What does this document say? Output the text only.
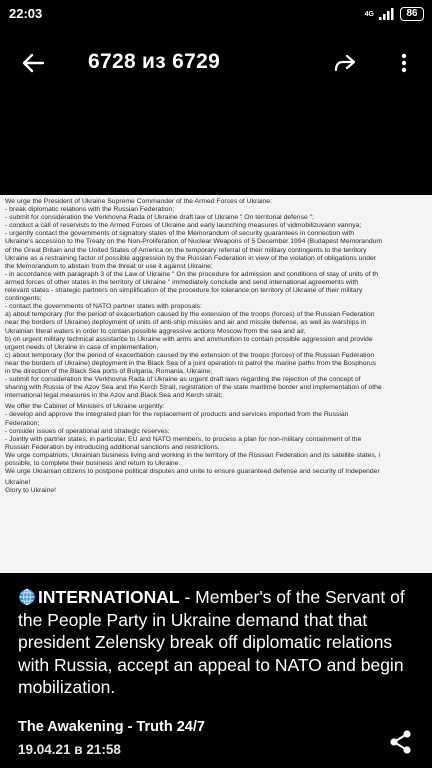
22:03	4G	86
6728 из 6729

We urge the President of Ukraine Supreme Commander of the Armed Forces of Ukraine:

- break diplomatic relations with the Russian Federation;

- submit for consideration the Verkhovna Rada of Ukraine draft law of Ukraine " On territorial defense ";

- conduct a call of reservists to the Armed Forces of Ukraine and early launching measures of vidmobilizuvann vannya;

- urgently contact the governments of signatory states of the Memorandum of security guarantees in connection with

Ukraine's accession to the Treaty on the Non-Proliferation of Nuclear Weapons of 5 December 1994 (Budapest Memorandum

of the Great Britain and the United States of America on the temporary referral of their military contingents to the territory

Ukraine as a restraining factor of possible aggression by the Russian Federation in view of the violation of obligations under

the Memorandum to abstain from the threat or use it against Ukraine;

- in accordance with paragraph 3 of the Law of Ukraine " On the procedure for admission and conditions of stay of units of th

armed forces of other states in the territory of Ukraine " immediately conclude and send international agreements with

relevant states - strategic partners on simplification of the procedure for tolerance on territory of Ukraine of their military

contingents;

- contact the governments of NATO partner states with proposals:

a) about temporary (for the period of exacerbation caused by the extension of the troops (forces) of the Russian Federation

near the borders of Ukraine) deployment of units of anti-ship missiles and air and missile defense, as well as warships in

Ukrainian literal waters in order to contain possible aggressive actions Moscow from the sea and air,

b) on urgent military technical assistance to Ukraine with arms and ammunition to contain possible aggression and provide

urgent needs of Ukraine in case of implementation,

c) about temporary (for the period of exacerbation caused by the extension of the troops (forces) of the Russian Federation

near the borders of Ukraine) deployment in the Black Sea of a joint operation to patrol the marine paths from the Bosphorus

in the direction of the Black Sea ports of Bulgaria, Romania, Ukraine;

- submit for consideration the Verkhovna Rada of Ukraine as urgent draft laws regarding the rejection of the concept of

sharing with Russia of the Azov Sea and the Kerch Strait, registration of the state maritime border and implementation of othe

international legal measures in the Azov and Black Sea and Kerch strait;

We offer the Cabinet of Ministers of Ukraine urgently:

- develop and approve the integrated plan for the replacement of products and services imported from the Russian

Federation;

- consider issues of operational and strategic reserves;

- Jointly with partner states, in particular, EU and NATO members, to process a plan for non-military containment of the

Russian Federation by introducing additional sanctions and restrictions.

We urge compatriots, Ukrainian business living and working in the territory of the Russian Federation and its satellite states, i

possible, to complete their business and return to Ukraine.

We urge Ukrainian citizens to postpone political disputes and unite to ensure guaranteed defense and security of Independer

Ukraine!

Glory to Ukraine!

INTERNATIONAL - Member's of the Servant of the People Party in Ukraine demand that that president Zelensky break off diplomatic relations with Russia, accept an appeal to NATO and begin mobilization.
The Awakening - Truth 24/7
19.04.21 в 21:58
